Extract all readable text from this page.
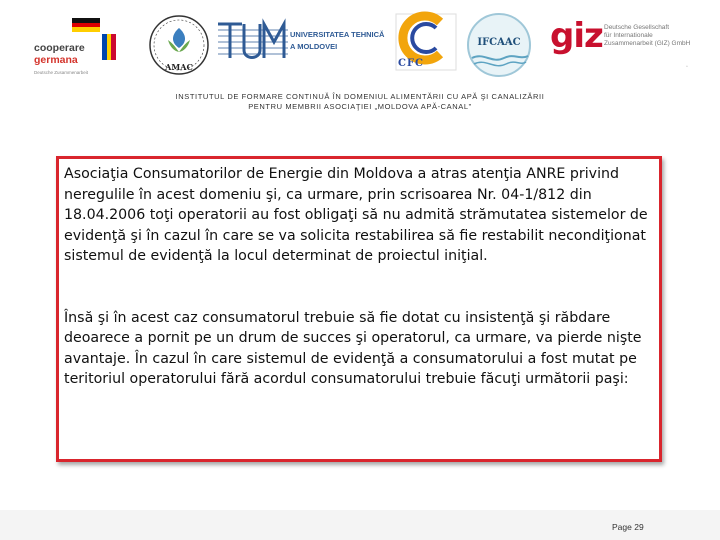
cooperare
germana
Deutsche Zusammenarbeit
AMAC
UNIVERSITATEA TEHNICĂ
A MOLDOVEI
CFC
IFCAAC giz Deutsche Gesellschaft
für Internationale
Zusammenarbeit (GIZ) GmbH
▫
INSTITUTUL DE FORMARE CONTINUĂ ÎN DOMENIUL ALIMENTĂRII CU APĂ ŞI CANALIZĂRII
PENTRU MEMBRII ASOCIAŢIEI „MOLDOVA APĂ-CANAL”

Asociaţia Consumatorilor de Energie din Moldova a atras atenţia ANRE privind neregulile în acest domeniu şi, ca urmare, prin scrisoarea Nr. 04-1/812 din 18.04.2006 toţi operatorii au fost obligaţi să nu admită strămutatea sistemelor de evidenţă şi în cazul în care se va solicita restabilirea să fie restabilit necondiţionat sistemul de evidenţă la locul determinat de proiectul iniţial.

Însă şi în acest caz consumatorul trebuie să fie dotat cu insistenţă şi răbdare deoarece a pornit pe un drum de succes şi operatorul, ca urmare, va pierde nişte avantaje. În cazul în care sistemul de evidenţă a consumatorului a fost mutat pe teritoriul operatorului fără acordul consumatorului trebuie făcuţi următorii paşi:

Page 29
